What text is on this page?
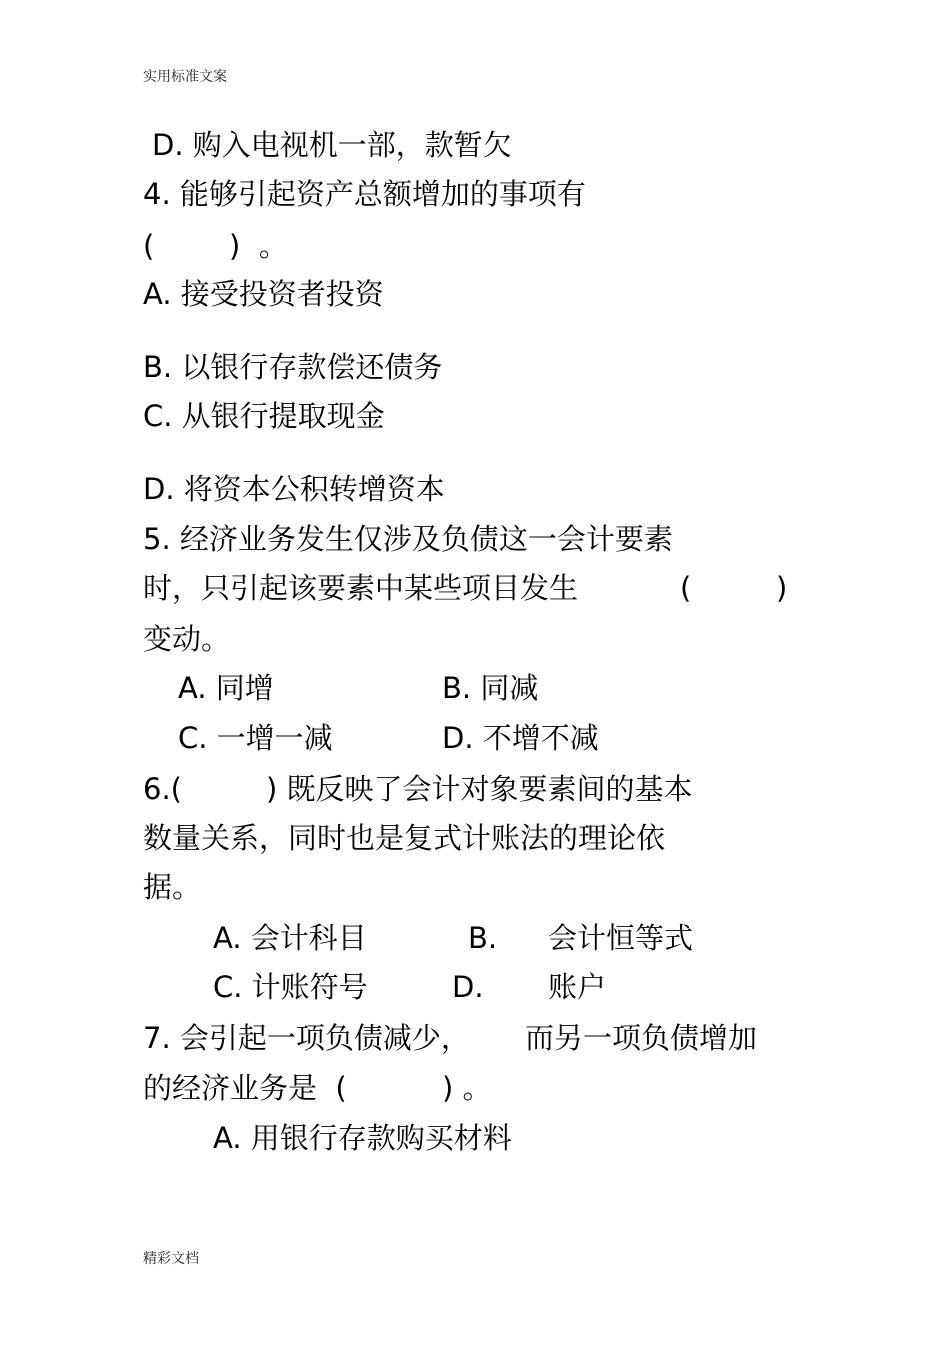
实用标准文案
D. 购入电视机一部，款暂欠
4. 能够引起资产总额增加的事项有
(	)  。
A. 接受投资者投资
B. 以银行存款偿还债务
C. 从银行提取现金
D. 将资本公积转增资本
5. 经济业务发生仅涉及负债这一会计要素
时，只引起该要素中某些项目发生	(	)
变动。
A. 同增	B. 同减
C. 一增一减	D. 不增不减
6.(	) 既反映了会计对象要素间的基本
数量关系，同时也是复式计账法的理论依
据。
A. 会计科目	B. 会计恒等式
C. 计账符号	D. 账户
7. 会引起一项负债减少， 而另一项负债增加
的经济业务是  (	) 。
A. 用银行存款购买材料
精彩文档
